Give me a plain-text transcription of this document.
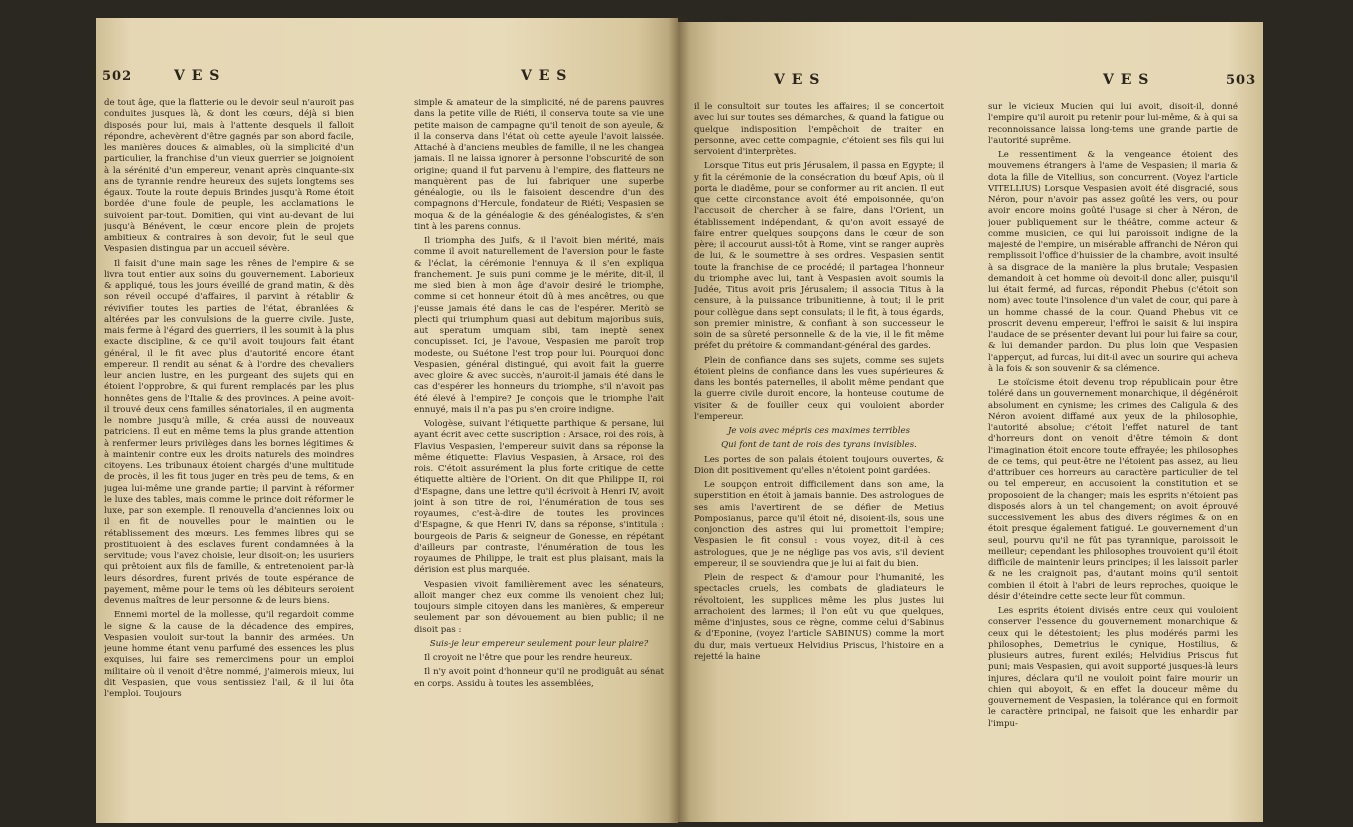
502	V E S	V E S

de tout âge, que la flatterie ou le devoir seul n'auroit pas conduites jusques là, & dont les cœurs, déjà si bien disposés pour lui, mais à l'attente desquels il falloit répondre, achevèrent d'être gagnés par son abord facile, les manières douces & aimables, où la simplicité d'un particulier, la franchise d'un vieux guerrier se joignoient à la sérénité d'un empereur, venant après cinquante-six ans de tyrannie rendre heureux des sujets longtems ses égaux. Toute la route depuis Brindes jusqu'à Rome étoit bordée d'une foule de peuple, les acclamations le suivoient par-tout. Domitien, qui vint au-devant de lui jusqu'à Bénévent, le cœur encore plein de projets ambitieux & contraires à son devoir, fut le seul que Vespasien distingua par un accueil sévère.

Il faisit d'une main sage les rênes de l'empire & se livra tout entier aux soins du gouvernement. Laborieux & appliqué, tous les jours éveillé de grand matin, & dès son réveil occupé d'affaires, il parvint à rétablir & révivifier toutes les parties de l'état, ébranlées & altérées par les convulsions de la guerre civile. Juste, mais ferme à l'égard des guerriers, il les soumit à la plus exacte discipline, & ce qu'il avoit toujours fait étant général, il le fit avec plus d'autorité encore étant empereur. Il rendit au sénat & à l'ordre des chevaliers leur ancien lustre, en les purgeant des sujets qui en étoient l'opprobre, & qui furent remplacés par les plus honnêtes gens de l'Italie & des provinces. A peine avoit-il trouvé deux cens familles sénatoriales, il en augmenta le nombre jusqu'à mille, & créa aussi de nouveaux patriciens. Il eut en même tems la plus grande attention à renfermer leurs privilèges dans les bornes légitimes & à maintenir contre eux les droits naturels des moindres citoyens. Les tribunaux étoient chargés d'une multitude de procès, il les fit tous juger en très peu de tems, & en jugea lui-même une grande partie; il parvint à réformer le luxe des tables, mais comme le prince doit réformer le luxe, par son exemple. Il renouvella d'anciennes loix ou il en fit de nouvelles pour le maintien ou le rétablissement des mœurs. Les femmes libres qui se prostituoient à des esclaves furent condamnées à la servitude; vous l'avez choisie, leur disoit-on; les usuriers qui prêtoient aux fils de famille, & entretenoient par-là leurs désordres, furent privés de toute espérance de payement, même pour le tems où les débiteurs seroient devenus maîtres de leur personne & de leurs biens.

Ennemi mortel de la mollesse, qu'il regardoit comme le signe & la cause de la décadence des empires, Vespasien vouloit sur-tout la bannir des armées. Un jeune homme étant venu parfumé des essences les plus exquises, lui faire ses remercimens pour un emploi militaire où il venoit d'être nommé, j'aimerois mieux, lui dit Vespasien, que vous sentissiez l'ail, & il lui ôta l'emploi. Toujours

simple & amateur de la simplicité, né de parens pauvres dans la petite ville de Riéti, il conserva toute sa vie une petite maison de campagne qu'il tenoit de son ayeule, & il la conserva dans l'état où cette ayeule l'avoit laissée. Attaché à d'anciens meubles de famille, il ne les changea jamais. Il ne laissa ignorer à personne l'obscurité de son origine; quand il fut parvenu à l'empire, des flatteurs ne manquèrent pas de lui fabriquer une superbe généalogie, ou ils le faisoient descendre d'un des compagnons d'Hercule, fondateur de Riéti; Vespasien se moqua & de la généalogie & des généalogistes, & s'en tint à les parens connus.

Il triompha des Juifs, & il l'avoit bien mérité, mais comme il avoit naturellement de l'aversion pour le faste & l'éclat, la cérémonie l'ennuya & il s'en expliqua franchement. Je suis puni comme je le mérite, dit-il, il me sied bien à mon âge d'avoir desiré le triomphe, comme si cet honneur étoit dû à mes ancêtres, ou que j'eusse jamais été dans le cas de l'espérer. Meritò se plecti qui triumphum quasi aut debitum majoribus suis, aut speratum umquam sibi, tam ineptè senex concupisset. Ici, je l'avoue, Vespasien me paroît trop modeste, ou Suétone l'est trop pour lui. Pourquoi donc Vespasien, général distingué, qui avoit fait la guerre avec gloire & avec succès, n'auroit-il jamais été dans le cas d'espérer les honneurs du triomphe, s'il n'avoit pas été élevé à l'empire? Je conçois que le triomphe l'ait ennuyé, mais il n'a pas pu s'en croire indigne.

Vologèse, suivant l'étiquette parthique & persane, lui ayant écrit avec cette suscription : Arsace, roi des rois, à Flavius Vespasien, l'empereur suivit dans sa réponse la même étiquette: Flavius Vespasien, à Arsace, roi des rois. C'étoit assurément la plus forte critique de cette étiquette altière de l'Orient. On dit que Philippe II, roi d'Espagne, dans une lettre qu'il écrivoit à Henri IV, avoit joint à son titre de roi, l'énumération de tous ses royaumes, c'est-à-dire de toutes les provinces d'Espagne, & que Henri IV, dans sa réponse, s'intitula : bourgeois de Paris & seigneur de Gonesse, en répétant d'ailleurs par contraste, l'énumération de tous les royaumes de Philippe, le trait est plus plaisant, mais la dérision est plus marquée.

Vespasien vivoit familièrement avec les sénateurs, alloit manger chez eux comme ils venoient chez lui; toujours simple citoyen dans les manières, & empereur seulement par son dévouement au bien public; il ne disoit pas :

Suis-je leur empereur seulement pour leur plaire?

Il croyoit ne l'être que pour les rendre heureux.

Il n'y avoit point d'honneur qu'il ne prodiguât au sénat en corps. Assidu à toutes les assemblées,

V E S	V E S	503

il le consultoit sur toutes les affaires; il se concertoit avec lui sur toutes ses démarches, & quand la fatigue ou quelque indisposition l'empêchoit de traiter en personne, avec cette compagnie, c'étoient ses fils qui lui servoient d'interprètes.

Lorsque Titus eut pris Jérusalem, il passa en Egypte; il y fit la cérémonie de la consécration du bœuf Apis, où il porta le diadême, pour se conformer au rit ancien. Il eut que cette circonstance avoit été empoisonnée, qu'on l'accusoit de chercher à se faire, dans l'Orient, un établissement indépendant, & qu'on avoit essayé de faire entrer quelques soupçons dans le cœur de son père; il accourut aussi-tôt à Rome, vint se ranger auprès de lui, & le soumettre à ses ordres. Vespasien sentit toute la franchise de ce procédé; il partagea l'honneur du triomphe avec lui, tant à Vespasien avoit soumis la Judée, Titus avoit pris Jérusalem; il associa Titus à la censure, à la puissance tribunitienne, à tout; il le prit pour collègue dans sept consulats; il le fit, à tous égards, son premier ministre, & confiant à son successeur le soin de sa sûreté personnelle & de la vie, il le fit même préfet du prétoire & commandant-général des gardes.

Plein de confiance dans ses sujets, comme ses sujets étoient pleins de confiance dans les vues supérieures & dans les bontés paternelles, il abolit même pendant que la guerre civile duroit encore, la honteuse coutume de visiter & de fouiller ceux qui vouloient aborder l'empereur.

Je vois avec mépris ces maximes terribles

Qui font de tant de rois des tyrans invisibles.

Les portes de son palais étoient toujours ouvertes, & Dion dit positivement qu'elles n'étoient point gardées.

Le soupçon entroit difficilement dans son ame, la superstition en étoit à jamais bannie. Des astrologues de ses amis l'avertirent de se défier de Metius Pomposianus, parce qu'il étoit né, disoient-ils, sous une conjonction des astres qui lui promettoit l'empire; Vespasien le fit consul : vous voyez, dit-il à ces astrologues, que je ne néglige pas vos avis, s'il devient empereur, il se souviendra que je lui ai fait du bien.

Plein de respect & d'amour pour l'humanité, les spectacles cruels, les combats de gladiateurs le révoltoient, les supplices même les plus justes lui arrachoient des larmes; il l'on eût vu que quelques, même d'injustes, sous ce règne, comme celui d'Sabinus & d'Eponine, (voyez l'article SABINUS) comme la mort du dur, mais vertueux Helvidius Priscus, l'histoire en a rejetté la haine

sur le vicieux Mucien qui lui avoit, disoit-il, donné l'empire qu'il auroit pu retenir pour lui-même, & à qui sa reconnoissance laissa long-tems une grande partie de l'autorité suprême.

Le ressentiment & la vengeance étoient des mouvemens étrangers à l'ame de Vespasien; il maria & dota la fille de Vitellius, son concurrent. (Voyez l'article VITELLIUS) Lorsque Vespasien avoit été disgracié, sous Néron, pour n'avoir pas assez goûté les vers, ou pour avoir encore moins goûté l'usage si cher à Néron, de jouer publiquement sur le théâtre, comme acteur & comme musicien, ce qui lui paroissoit indigne de la majesté de l'empire, un misérable affranchi de Néron qui remplissoit l'office d'huissier de la chambre, avoit insulté à sa disgrace de la manière la plus brutale; Vespasien demandoit à cet homme où devoit-il donc aller, puisqu'il lui était fermé, ad furcas, répondit Phebus (c'étoit son nom) avec toute l'insolence d'un valet de cour, qui pare à un homme chassé de la cour. Quand Phebus vit ce proscrit devenu empereur, l'effroi le saisit & lui inspira l'audace de se présenter devant lui pour lui faire sa cour, & lui demander pardon. Du plus loin que Vespasien l'apperçut, ad furcas, lui dit-il avec un sourire qui acheva à la fois & son souvenir & sa clémence.

Le stoïcisme étoit devenu trop républicain pour être toléré dans un gouvernement monarchique, il dégénéroit absolument en cynisme; les crimes des Caligula & des Néron avoient diffamé aux yeux de la philosophie, l'autorité absolue; c'étoit l'effet naturel de tant d'horreurs dont on venoit d'être témoin & dont l'imagination étoit encore toute effrayée; les philosophes de ce tems, qui peut-être ne l'étoient pas assez, au lieu d'attribuer ces horreurs au caractère particulier de tel ou tel empereur, en accusoient la constitution et se proposoient de la changer; mais les esprits n'étoient pas disposés alors à un tel changement; on avoit éprouvé successivement les abus des divers régimes & on en étoit presque également fatigué. Le gouvernement d'un seul, pourvu qu'il ne fût pas tyrannique, paroissoit le meilleur; cependant les philosophes trouvoient qu'il étoit difficile de maintenir leurs principes; il les laissoit parler & ne les craignoit pas, d'autant moins qu'il sentoit combien il étoit à l'abri de leurs reproches, quoique le désir d'éteindre cette secte leur fût commun.

Les esprits étoient divisés entre ceux qui vouloient conserver l'essence du gouvernement monarchique & ceux qui le détestoient; les plus modérés parmi les philosophes, Demetrius le cynique, Hostilius, & plusieurs autres, furent exilés; Helvidius Priscus fut puni; mais Vespasien, qui avoit supporté jusques-là leurs injures, déclara qu'il ne vouloit point faire mourir un chien qui aboyoit, & en effet la douceur même du gouvernement de Vespasien, la tolérance qui en formoit le caractère principal, ne faisoit que les enhardir par l'impu-
